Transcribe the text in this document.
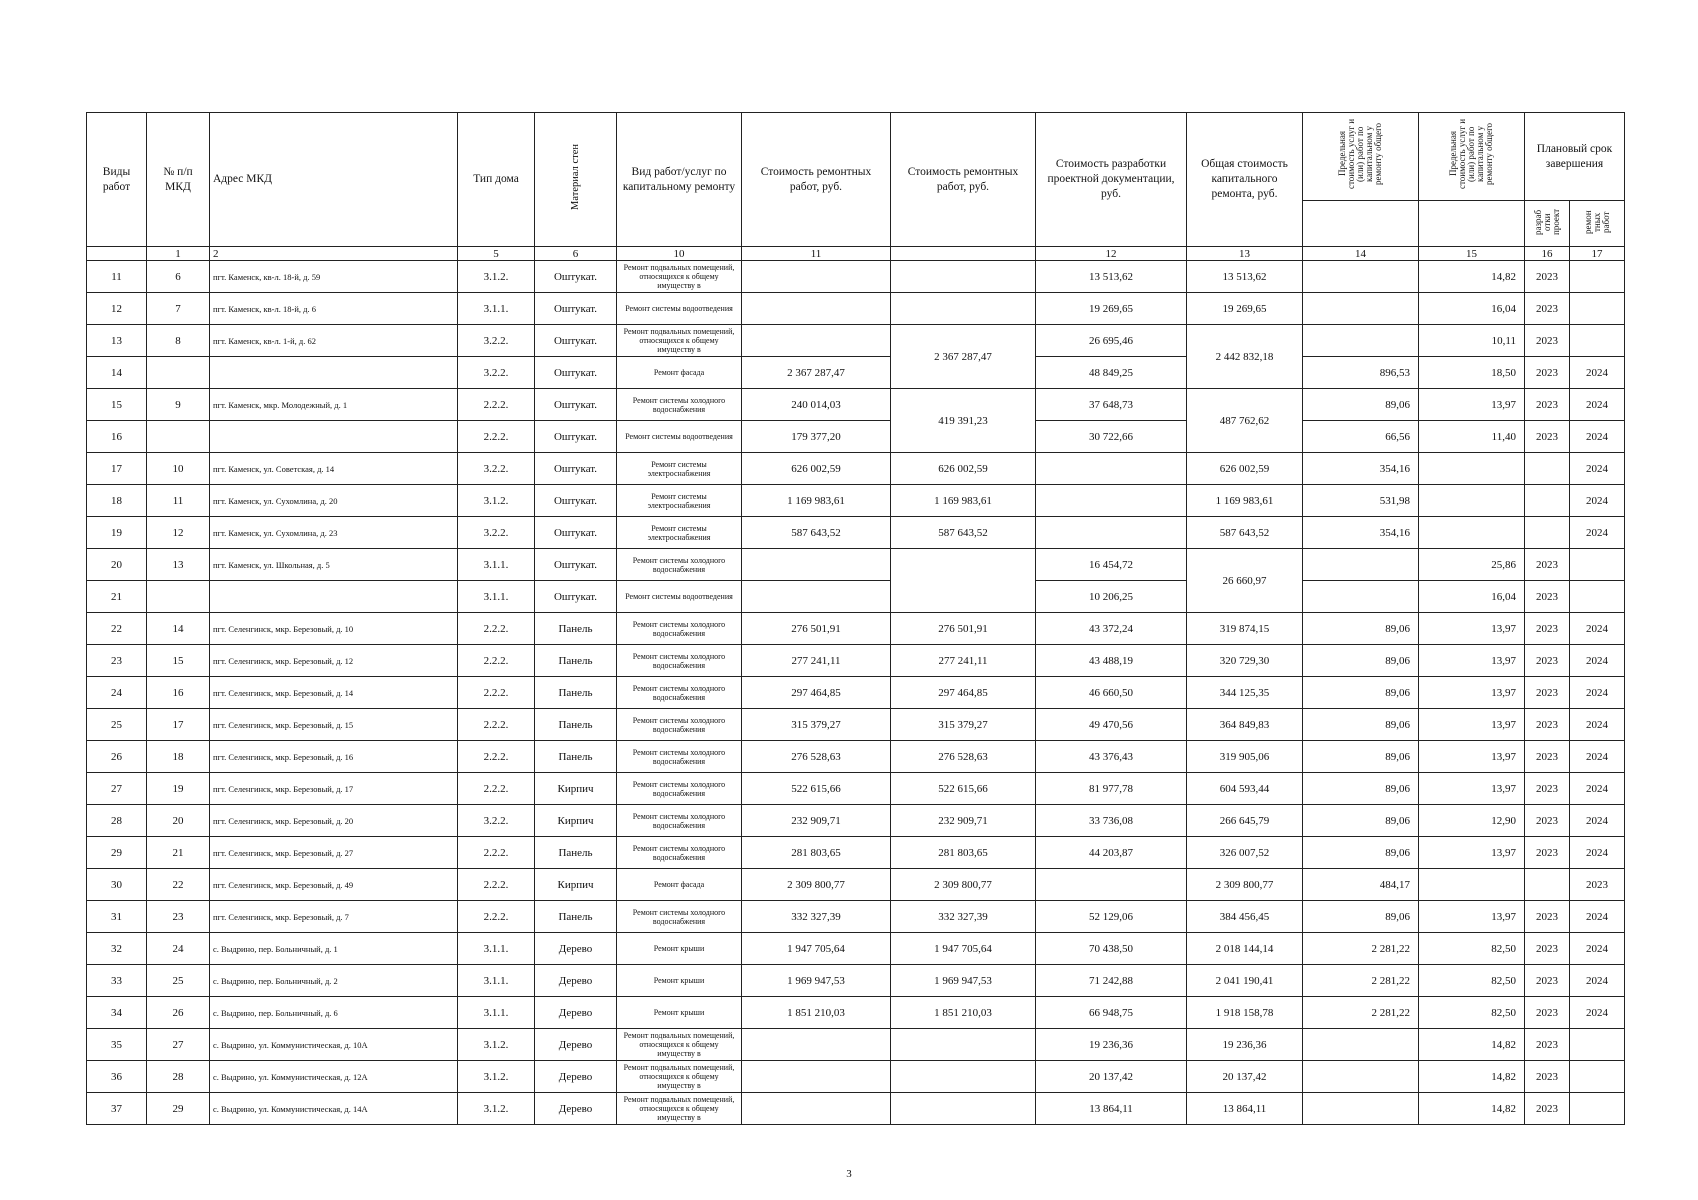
Виды работ	№ п/п МКД	Адрес МКД	Тип дома	Материал стен	Вид работ/услуг по капитальному ремонту	Стоимость ремонтных работ, руб.	Стоимость ремонтных работ, руб.	Стоимость разработки проектной документации, руб.	Общая стоимость капитального ремонта, руб.	Предельная стоимость услуг и (или) работ по капитальном у ремонту общего	Предельная стоимость услуг и (или) работ по капитальном у ремонту общего	Плановый срок завершения	
												разраб отки проект	ремон тных работ
	1	2	5	6	10	11		12	13	14	15	16	17
11	6	пгт. Каменск, кв-л. 18-й, д. 59	3.1.2.	Оштукат.	Ремонт подвальных помещений, относящихся к общему имуществу в			13 513,62	13 513,62		14,82	2023	
12	7	пгт. Каменск, кв-л. 18-й, д. 6	3.1.1.	Оштукат.	Ремонт системы водоотведения			19 269,65	19 269,65		16,04	2023	
13	8	пгт. Каменск, кв-л. 1-й, д. 62	3.2.2.	Оштукат.	Ремонт подвальных помещений, относящихся к общему имуществу в		2 367 287,47	26 695,46	2 442 832,18		10,11	2023	
14			3.2.2.	Оштукат.	Ремонт фасада	2 367 287,47		48 849,25		896,53	18,50	2023	2024
15	9	пгт. Каменск, мкр. Молодежный, д. 1	2.2.2.	Оштукат.	Ремонт системы холодного водоснабжения	240 014,03	419 391,23	37 648,73	487 762,62	89,06	13,97	2023	2024
16			2.2.2.	Оштукат.	Ремонт системы водоотведения	179 377,20		30 722,66		66,56	11,40	2023	2024
17	10	пгт. Каменск, ул. Советская, д. 14	3.2.2.	Оштукат.	Ремонт системы электроснабжения	626 002,59	626 002,59		626 002,59	354,16			2024
18	11	пгт. Каменск, ул. Сухомлина, д. 20	3.1.2.	Оштукат.	Ремонт системы электроснабжения	1 169 983,61	1 169 983,61		1 169 983,61	531,98			2024
19	12	пгт. Каменск, ул. Сухомлина, д. 23	3.2.2.	Оштукат.	Ремонт системы электроснабжения	587 643,52	587 643,52		587 643,52	354,16			2024
20	13	пгт. Каменск, ул. Школьная, д. 5	3.1.1.	Оштукат.	Ремонт системы холодного водоснабжения			16 454,72	26 660,97		25,86	2023	
21			3.1.1.	Оштукат.	Ремонт системы водоотведения			10 206,25			16,04	2023	
22	14	пгт. Селенгинск, мкр. Березовый, д. 10	2.2.2.	Панель	Ремонт системы холодного водоснабжения	276 501,91	276 501,91	43 372,24	319 874,15	89,06	13,97	2023	2024
23	15	пгт. Селенгинск, мкр. Березовый, д. 12	2.2.2.	Панель	Ремонт системы холодного водоснабжения	277 241,11	277 241,11	43 488,19	320 729,30	89,06	13,97	2023	2024
24	16	пгт. Селенгинск, мкр. Березовый, д. 14	2.2.2.	Панель	Ремонт системы холодного водоснабжения	297 464,85	297 464,85	46 660,50	344 125,35	89,06	13,97	2023	2024
25	17	пгт. Селенгинск, мкр. Березовый, д. 15	2.2.2.	Панель	Ремонт системы холодного водоснабжения	315 379,27	315 379,27	49 470,56	364 849,83	89,06	13,97	2023	2024
26	18	пгт. Селенгинск, мкр. Березовый, д. 16	2.2.2.	Панель	Ремонт системы холодного водоснабжения	276 528,63	276 528,63	43 376,43	319 905,06	89,06	13,97	2023	2024
27	19	пгт. Селенгинск, мкр. Березовый, д. 17	2.2.2.	Кирпич	Ремонт системы холодного водоснабжения	522 615,66	522 615,66	81 977,78	604 593,44	89,06	13,97	2023	2024
28	20	пгт. Селенгинск, мкр. Березовый, д. 20	3.2.2.	Кирпич	Ремонт системы холодного водоснабжения	232 909,71	232 909,71	33 736,08	266 645,79	89,06	12,90	2023	2024
29	21	пгт. Селенгинск, мкр. Березовый, д. 27	2.2.2.	Панель	Ремонт системы холодного водоснабжения	281 803,65	281 803,65	44 203,87	326 007,52	89,06	13,97	2023	2024
30	22	пгт. Селенгинск, мкр. Березовый, д. 49	2.2.2.	Кирпич	Ремонт фасада	2 309 800,77	2 309 800,77		2 309 800,77	484,17			2023
31	23	пгт. Селенгинск, мкр. Березовый, д. 7	2.2.2.	Панель	Ремонт системы холодного водоснабжения	332 327,39	332 327,39	52 129,06	384 456,45	89,06	13,97	2023	2024
32	24	с. Выдрино, пер. Больничный, д. 1	3.1.1.	Дерево	Ремонт крыши	1 947 705,64	1 947 705,64	70 438,50	2 018 144,14	2 281,22	82,50	2023	2024
33	25	с. Выдрино, пер. Больничный, д. 2	3.1.1.	Дерево	Ремонт крыши	1 969 947,53	1 969 947,53	71 242,88	2 041 190,41	2 281,22	82,50	2023	2024
34	26	с. Выдрино, пер. Больничный, д. 6	3.1.1.	Дерево	Ремонт крыши	1 851 210,03	1 851 210,03	66 948,75	1 918 158,78	2 281,22	82,50	2023	2024
35	27	с. Выдрино, ул. Коммунистическая, д. 10А	3.1.2.	Дерево	Ремонт подвальных помещений, относящихся к общему имуществу в			19 236,36	19 236,36		14,82	2023	
36	28	с. Выдрино, ул. Коммунистическая, д. 12А	3.1.2.	Дерево	Ремонт подвальных помещений, относящихся к общему имуществу в			20 137,42	20 137,42		14,82	2023	
37	29	с. Выдрино, ул. Коммунистическая, д. 14А	3.1.2.	Дерево	Ремонт подвальных помещений, относящихся к общему имуществу в			13 864,11	13 864,11		14,82	2023	
3
